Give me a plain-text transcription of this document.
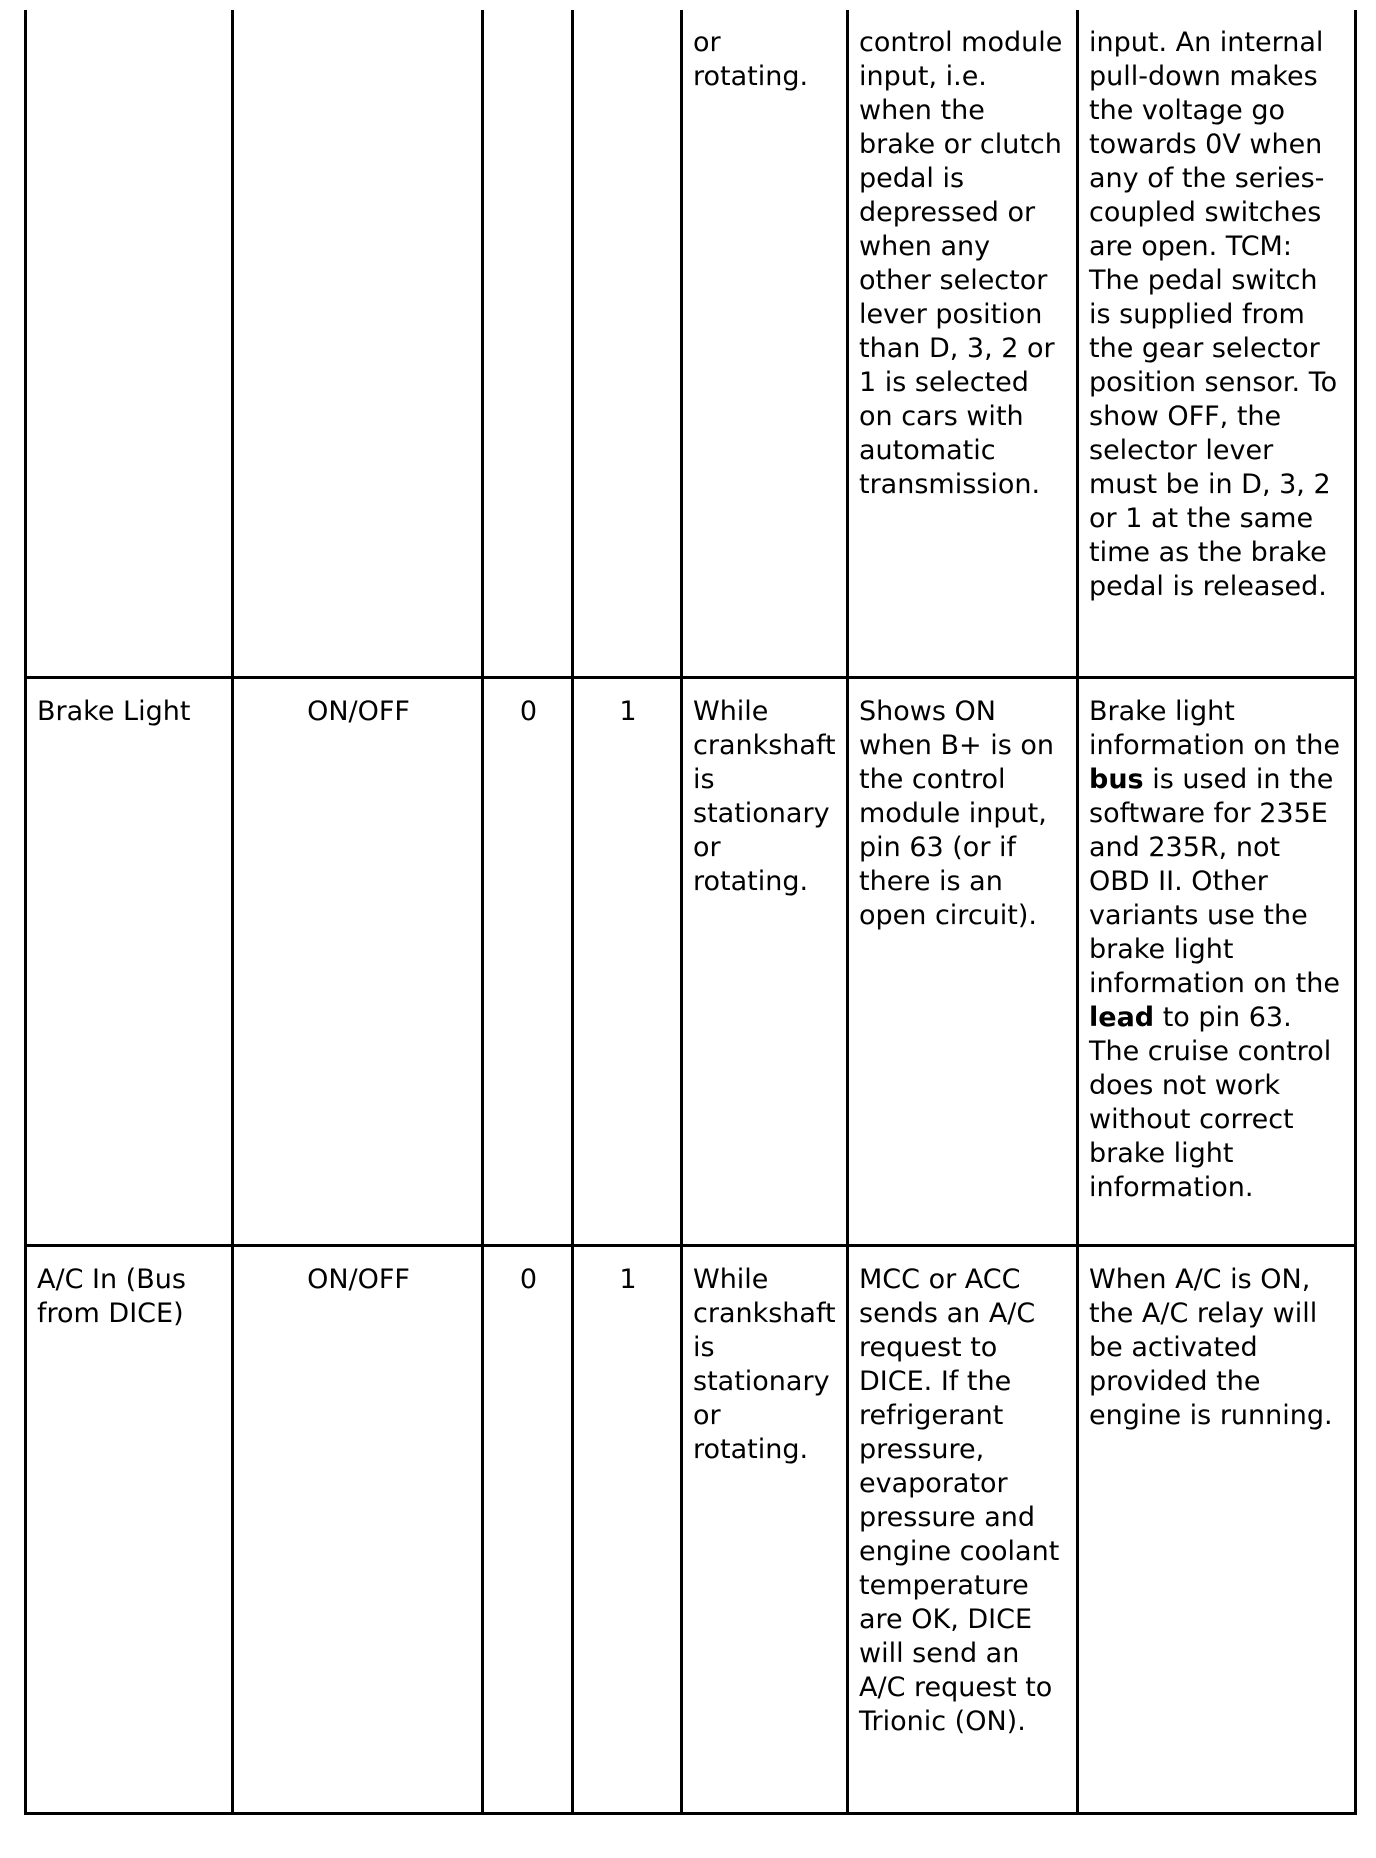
				or rotating.	control module input, i.e. when the brake or clutch pedal is depressed or when any other selector lever position than D, 3, 2 or 1 is selected on cars with automatic transmission.	input. An internal pull-down makes the voltage go towards 0V when any of the series-coupled switches are open. TCM: The pedal switch is supplied from the gear selector position sensor. To show OFF, the selector lever must be in D, 3, 2 or 1 at the same time as the brake pedal is released.
Brake Light	ON/OFF	0	1	While crankshaft is stationary or rotating.	Shows ON when B+ is on the control module input, pin 63 (or if there is an open circuit).	Brake light information on the bus is used in the software for 235E and 235R, not OBD II. Other variants use the brake light information on the lead to pin 63. The cruise control does not work without correct brake light information.
A/C In (Bus from DICE)	ON/OFF	0	1	While crankshaft is stationary or rotating.	MCC or ACC sends an A/C request to DICE. If the refrigerant pressure, evaporator pressure and engine coolant temperature are OK, DICE will send an A/C request to Trionic (ON).	When A/C is ON, the A/C relay will be activated provided the engine is running.
